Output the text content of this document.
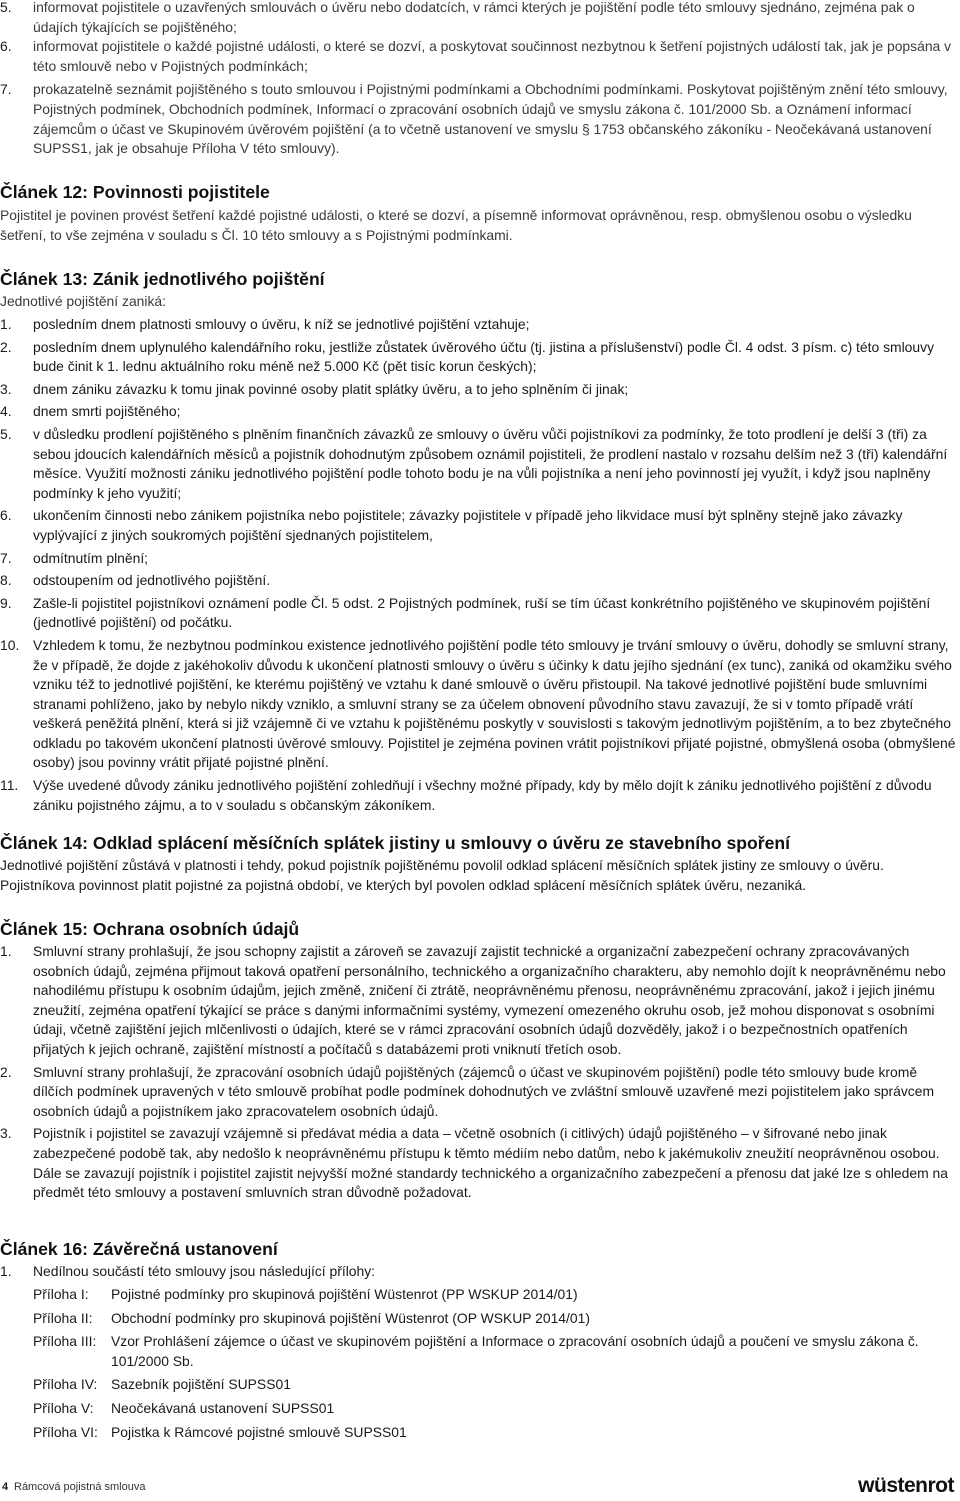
5.	informovat pojistitele o uzavřených smlouvách o úvěru nebo dodatcích, v rámci kterých je pojištění podle této smlouvy sjednáno, zejména pak o údajích týkajících se pojištěného;
6.	informovat pojistitele o každé pojistné události, o které se dozví, a poskytovat součinnost nezbytnou k šetření pojistných událostí tak, jak je popsána v této smlouvě nebo v Pojistných podmínkách;
7.	prokazatelně seznámit pojištěného s touto smlouvou i Pojistnými podmínkami a Obchodními podmínkami. Poskytovat pojištěným znění této smlouvy, Pojistných podmínek, Obchodních podmínek, Informací o zpracování osobních údajů ve smyslu zákona č. 101/2000 Sb. a Oznámení informací zájemcům o účast ve Skupinovém úvěrovém pojištění (a to včetně ustanovení ve smyslu § 1753 občanského zákoníku - Neočekávaná ustanovení SUPSS1, jak je obsahuje Příloha V této smlouvy).
Článek 12: Povinnosti pojistitele

Pojistitel je povinen provést šetření každé pojistné události, o které se dozví, a písemně informovat oprávněnou, resp. obmyšlenou osobu o výsledku šetření, to vše zejména v souladu s Čl. 10 této smlouvy a s Pojistnými podmínkami.

Článek 13: Zánik jednotlivého pojištění

Jednotlivé pojištění zaniká:

1.	posledním dnem platnosti smlouvy o úvěru, k níž se jednotlivé pojištění vztahuje;
2.	posledním dnem uplynulého kalendářního roku, jestliže zůstatek úvěrového účtu (tj. jistina a příslušenství) podle Čl. 4 odst. 3 písm. c) této smlouvy bude činit k 1. lednu aktuálního roku méně než 5.000 Kč (pět tisíc korun českých);
3.	dnem zániku závazku k tomu jinak povinné osoby platit splátky úvěru, a to jeho splněním či jinak;
4.	dnem smrti pojištěného;
5.	v důsledku prodlení pojištěného s plněním finančních závazků ze smlouvy o úvěru vůči pojistníkovi za podmínky, že toto prodlení je delší 3 (tři) za sebou jdoucích kalendářních měsíců a pojistník dohodnutým způsobem oznámil pojistiteli, že prodlení nastalo v rozsahu delším než 3 (tři) kalendářní měsíce. Využití možnosti zániku jednotlivého pojištění podle tohoto bodu je na vůli pojistníka a není jeho povinností jej využít, i když jsou naplněny podmínky k jeho využití;
6.	ukončením činnosti nebo zánikem pojistníka nebo pojistitele; závazky pojistitele v případě jeho likvidace musí být splněny stejně jako závazky vyplývající z jiných soukromých pojištění sjednaných pojistitelem,
7.	odmítnutím plnění;
8.	odstoupením od jednotlivého pojištění.
9.	Zašle-li pojistitel pojistníkovi oznámení podle Čl. 5 odst. 2 Pojistných podmínek, ruší se tím účast konkrétního pojištěného ve skupinovém pojištění (jednotlivé pojištění) od počátku.
10. Vzhledem k tomu, že nezbytnou podmínkou existence jednotlivého pojištění podle této smlouvy je trvání smlouvy o úvěru, dohodly se smluvní strany, že v případě, že dojde z jakéhokoliv důvodu k ukončení platnosti smlouvy o úvěru s účinky k datu jejího sjednání (ex tunc), zaniká od okamžiku svého vzniku též to jednotlivé pojištění, ke kterému pojištěný ve vztahu k dané smlouvě o úvěru přistoupil. Na takové jednotlivé pojištění bude smluvními stranami pohlíženo, jako by nebylo nikdy vzniklo, a smluvní strany se za účelem obnovení původního stavu zavazují, že si v tomto případě vrátí veškerá peněžitá plnění, která si již vzájemně či ve vztahu k pojištěnému poskytly v souvislosti s takovým jednotlivým pojištěním, a to bez zbytečného odkladu po takovém ukončení platnosti úvěrové smlouvy. Pojistitel je zejména povinen vrátit pojistníkovi přijaté pojistné, obmyšlená osoba (obmyšlené osoby) jsou povinny vrátit přijaté pojistné plnění.
11.	Výše uvedené důvody zániku jednotlivého pojištění zohledňují i všechny možné případy, kdy by mělo dojít k zániku jednotlivého pojištění z důvodu zániku pojistného zájmu, a to v souladu s občanským zákoníkem.
Článek 14: Odklad splácení měsíčních splátek jistiny u smlouvy o úvěru ze stavebního spoření

Jednotlivé pojištění zůstává v platnosti i tehdy, pokud pojistník pojištěnému povolil odklad splácení měsíčních splátek jistiny ze smlouvy o úvěru. Pojistníkova povinnost platit pojistné za pojistná období, ve kterých byl povolen odklad splácení měsíčních splátek úvěru, nezaniká.

Článek 15: Ochrana osobních údajů
1.	Smluvní strany prohlašují, že jsou schopny zajistit a zároveň se zavazují zajistit technické a organizační zabezpečení ochrany zpracovávaných osobních údajů, zejména přijmout taková opatření personálního, technického a organizačního charakteru, aby nemohlo dojít k neoprávněnému nebo nahodilému přístupu k osobním údajům, jejich změně, zničení či ztrátě, neoprávněnému přenosu, neoprávněnému zpracování, jakož i jejich jinému zneužití, zejména opatření týkající se práce s danými informačními systémy, vymezení omezeného okruhu osob, jež mohou disponovat s osobními údaji, včetně zajištění jejich mlčenlivosti o údajích, které se v rámci zpracování osobních údajů dozvěděly, jakož i o bezpečnostních opatřeních přijatých k jejich ochraně, zajištění místností a počítačů s databázemi proti vniknutí třetích osob.
2.	Smluvní strany prohlašují, že zpracování osobních údajů pojištěných (zájemců o účast ve skupinovém pojištění) podle této smlouvy bude kromě dílčích podmínek upravených v této smlouvě probíhat podle podmínek dohodnutých ve zvláštní smlouvě uzavřené mezi pojistitelem jako správcem osobních údajů a pojistníkem jako zpracovatelem osobních údajů.
3.	Pojistník i pojistitel se zavazují vzájemně si předávat média a data – včetně osobních (i citlivých) údajů pojištěného – v šifrované nebo jinak zabezpečené podobě tak, aby nedošlo k neoprávněnému přístupu k těmto médiím nebo datům, nebo k jakémukoliv zneužití neoprávněnou osobou. Dále se zavazují pojistník i pojistitel zajistit nejvyšší možné standardy technického a organizačního zabezpečení a přenosu dat jaké lze s ohledem na předmět této smlouvy a postavení smluvních stran důvodně požadovat.
Článek 16: Závěrečná ustanovení
1.	Nedílnou součástí této smlouvy jsou následující přílohy:
Příloha I:	Pojistné podmínky pro skupinová pojištění Wüstenrot (PP WSKUP 2014/01)
Příloha II:	Obchodní podmínky pro skupinová pojištění Wüstenrot (OP WSKUP 2014/01)
Příloha III:	Vzor Prohlášení zájemce o účast ve skupinovém pojištění a Informace o zpracování osobních údajů a poučení ve smyslu zákona č. 101/2000 Sb.
Příloha IV: Sazebník pojištění SUPSS01
Příloha V:	Neočekávaná ustanovení SUPSS01
Příloha VI: Pojistka k Rámcové pojistné smlouvě SUPSS01
4 Rámcová pojistná smlouva	wüstenrot
